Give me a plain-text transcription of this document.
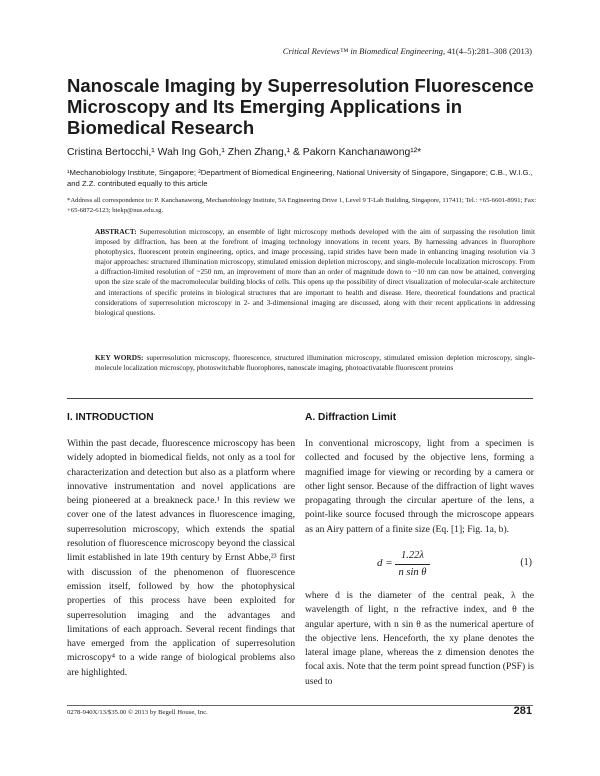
Critical Reviews™ in Biomedical Engineering, 41(4–5):281–308 (2013)
Nanoscale Imaging by Superresolution Fluorescence Microscopy and Its Emerging Applications in Biomedical Research
Cristina Bertocchi,¹ Wah Ing Goh,¹ Zhen Zhang,¹ & Pakorn Kanchanawong¹²*
¹Mechanobiology Institute, Singapore; ²Department of Biomedical Engineering, National University of Singapore, Singapore; C.B., W.I.G., and Z.Z. contributed equally to this article
*Address all correspondence to: P. Kanchanawong, Mechanobiology Institute, 5A Engineering Drive 1, Level 9 T-Lab Building, Singapore, 117411; Tel.: +65-6601-8991; Fax: +65-6872-6123; biekp@nus.edu.sg.
ABSTRACT: Superresolution microscopy, an ensemble of light microscopy methods developed with the aim of surpassing the resolution limit imposed by diffraction, has been at the forefront of imaging technology innovations in recent years. By harnessing advances in fluorophore photophysics, fluorescent protein engineering, optics, and image processing, rapid strides have been made in enhancing imaging resolution via 3 major approaches: structured illumination microscopy, stimulated emission depletion microscopy, and single-molecule localization microscopy. From a diffraction-limited resolution of ~250 nm, an improvement of more than an order of magnitude down to ~10 nm can now be attained, converging upon the size scale of the macromolecular building blocks of cells. This opens up the possibility of direct visualization of molecular-scale architecture and interactions of specific proteins in biological structures that are important to health and disease. Here, theoretical foundations and practical considerations of superresolution microscopy in 2- and 3-dimensional imaging are discussed, along with their recent applications in addressing biological questions.
KEY WORDS: superresolution microscopy, fluorescence, structured illumination microscopy, stimulated emission depletion microscopy, single-molecule localization microscopy, photoswitchable fluorophores, nanoscale imaging, photoactivatable fluorescent proteins
I. INTRODUCTION
Within the past decade, fluorescence microscopy has been widely adopted in biomedical fields, not only as a tool for characterization and detection but also as a platform where innovative instrumentation and novel applications are being pioneered at a breakneck pace.¹ In this review we cover one of the latest advances in fluorescence imaging, superresolution microscopy, which extends the spatial resolution of fluorescence microscopy beyond the classical limit established in late 19th century by Ernst Abbe,²³ first with discussion of the phenomenon of fluorescence emission itself, followed by how the photophysical properties of this process have been exploited for superresolution imaging and the advantages and limitations of each approach. Several recent findings that have emerged from the application of superresolution microscopy⁴ to a wide range of biological problems also are highlighted.
A. Diffraction Limit
In conventional microscopy, light from a specimen is collected and focused by the objective lens, forming a magnified image for viewing or recording by a camera or other light sensor. Because of the diffraction of light waves propagating through the circular aperture of the lens, a point-like source focused through the microscope appears as an Airy pattern of a finite size (Eq. [1]; Fig. 1a, b).
$d = \frac{1.22\lambda}{\text{n sin θ}}$	(1)
where d is the diameter of the central peak, λ the wavelength of light, n the refractive index, and θ the angular aperture, with n sin θ as the numerical aperture of the objective lens. Henceforth, the xy plane denotes the lateral image plane, whereas the z dimension denotes the focal axis. Note that the term point spread function (PSF) is used to
0278-940X/13/$35.00 © 2013 by Begell House, Inc.	281
